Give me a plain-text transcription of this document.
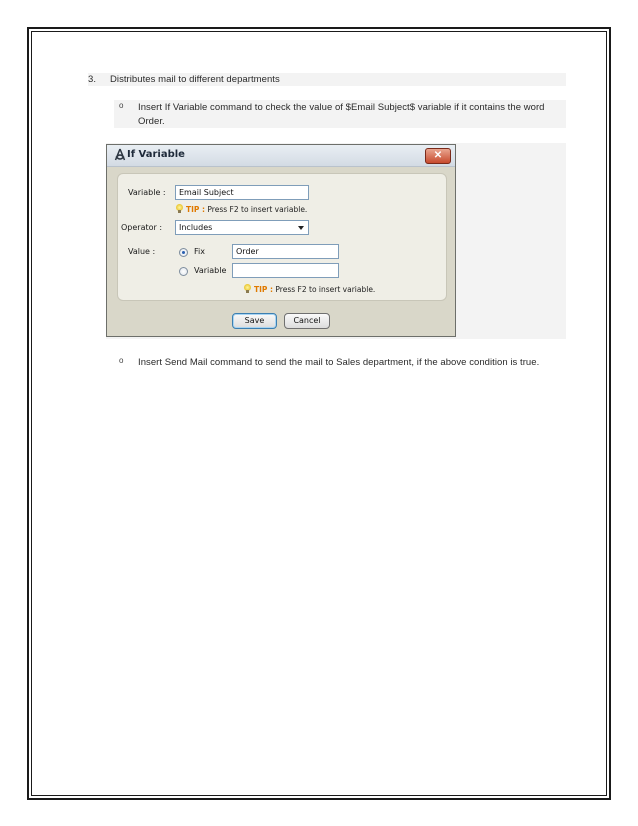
3. Distributes mail to different departments
o Insert If Variable command to check the value of $Email Subject$ variable if it contains the word Order.
If Variable	✕
Variable :	Email Subject
TIP : Press F2 to insert variable.
Operator :	Includes
Value :	Fix	Order
Variable
TIP : Press F2 to insert variable.
Save	Cancel
o Insert Send Mail command to send the mail to Sales department, if the above condition is true.
